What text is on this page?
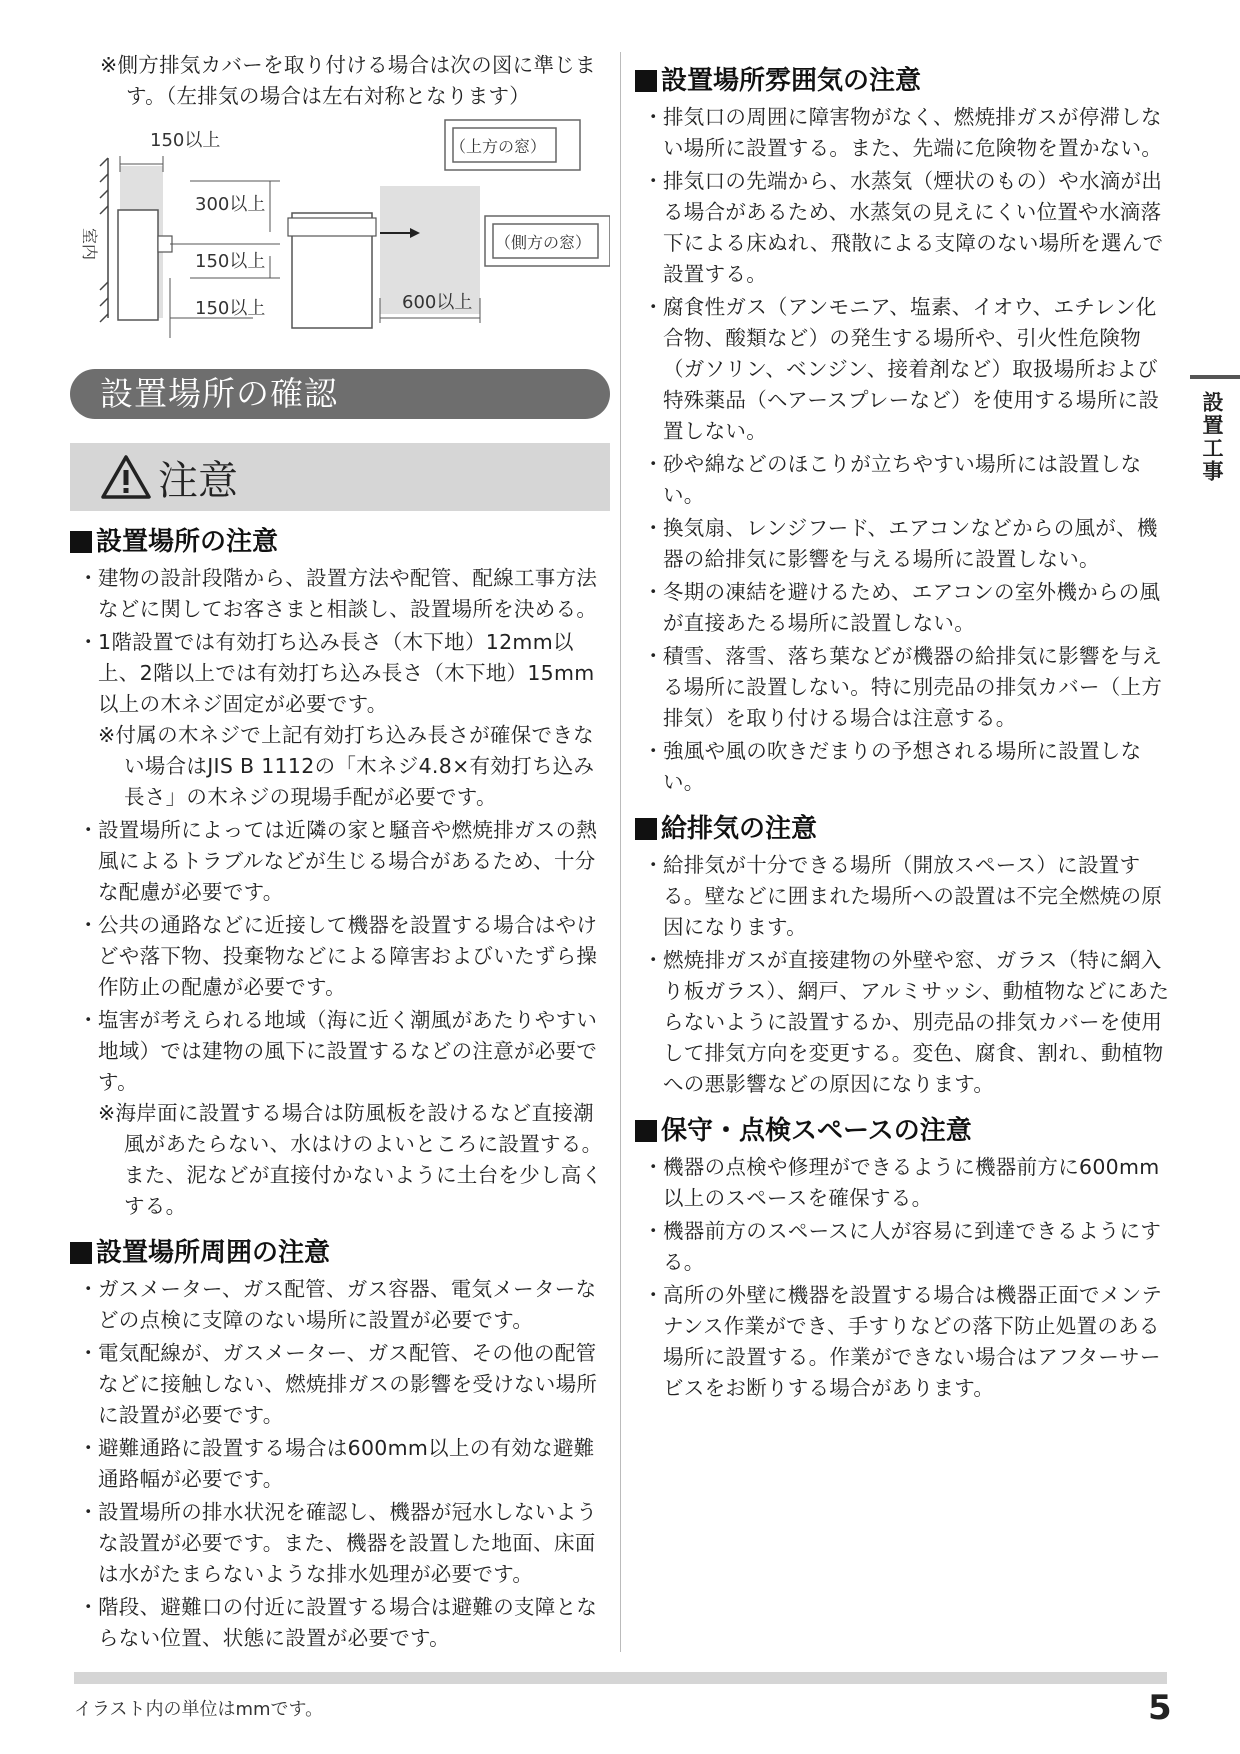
※側方排気カバーを取り付ける場合は次の図に準じます。（左排気の場合は左右対称となります）
室内
150以上
300以上
150以上
150以上	600以上
（上方の窓）
（側方の窓）
設置場所の確認
注意
設置場所の注意
・ 建物の設計段階から、設置方法や配管、配線工事方法などに関してお客さまと相談し、設置場所を決める。
・ 1階設置では有効打ち込み長さ（木下地）12mm以上、2階以上では有効打ち込み長さ（木下地）15mm以上の木ネジ固定が必要です。
※付属の木ネジで上記有効打ち込み長さが確保できない場合はJIS B 1112の「木ネジ4.8×有効打ち込み長さ」の木ネジの現場手配が必要です。
・ 設置場所によっては近隣の家と騒音や燃焼排ガスの熱風によるトラブルなどが生じる場合があるため、十分な配慮が必要です。
・ 公共の通路などに近接して機器を設置する場合はやけどや落下物、投棄物などによる障害およびいたずら操作防止の配慮が必要です。
・ 塩害が考えられる地域（海に近く潮風があたりやすい地域）では建物の風下に設置するなどの注意が必要です。
※海岸面に設置する場合は防風板を設けるなど直接潮風があたらない、水はけのよいところに設置する。また、泥などが直接付かないように土台を少し高くする。
設置場所周囲の注意
・ ガスメーター、ガス配管、ガス容器、電気メーターなどの点検に支障のない場所に設置が必要です。
・ 電気配線が、ガスメーター、ガス配管、その他の配管などに接触しない、燃焼排ガスの影響を受けない場所に設置が必要です。
・ 避難通路に設置する場合は600mm以上の有効な避難通路幅が必要です。
・ 設置場所の排水状況を確認し、機器が冠水しないような設置が必要です。また、機器を設置した地面、床面は水がたまらないような排水処理が必要です。
・ 階段、避難口の付近に設置する場合は避難の支障とならない位置、状態に設置が必要です。
設置場所雰囲気の注意
・ 排気口の周囲に障害物がなく、燃焼排ガスが停滞しない場所に設置する。また、先端に危険物を置かない。
・ 排気口の先端から、水蒸気（煙状のもの）や水滴が出る場合があるため、水蒸気の見えにくい位置や水滴落下による床ぬれ、飛散による支障のない場所を選んで設置する。
・ 腐食性ガス（アンモニア、塩素、イオウ、エチレン化合物、酸類など）の発生する場所や、引火性危険物（ガソリン、ベンジン、接着剤など）取扱場所および特殊薬品（ヘアースプレーなど）を使用する場所に設置しない。
・ 砂や綿などのほこりが立ちやすい場所には設置しない。
・ 換気扇、レンジフード、エアコンなどからの風が、機器の給排気に影響を与える場所に設置しない。
・ 冬期の凍結を避けるため、エアコンの室外機からの風が直接あたる場所に設置しない。
・ 積雪、落雪、落ち葉などが機器の給排気に影響を与える場所に設置しない。特に別売品の排気カバー（上方排気）を取り付ける場合は注意する。
・ 強風や風の吹きだまりの予想される場所に設置しない。
給排気の注意
・ 給排気が十分できる場所（開放スペース）に設置する。壁などに囲まれた場所への設置は不完全燃焼の原因になります。
・ 燃焼排ガスが直接建物の外壁や窓、ガラス（特に網入り板ガラス）、網戸、アルミサッシ、動植物などにあたらないように設置するか、別売品の排気カバーを使用して排気方向を変更する。変色、腐食、割れ、動植物への悪影響などの原因になります。
保守・点検スペースの注意
・ 機器の点検や修理ができるように機器前方に600mm以上のスペースを確保する。
・ 機器前方のスペースに人が容易に到達できるようにする。
・ 高所の外壁に機器を設置する場合は機器正面でメンテナンス作業ができ、手すりなどの落下防止処置のある場所に設置する。作業ができない場合はアフターサービスをお断りする場合があります。
設置工事
イラスト内の単位はmmです。	5
